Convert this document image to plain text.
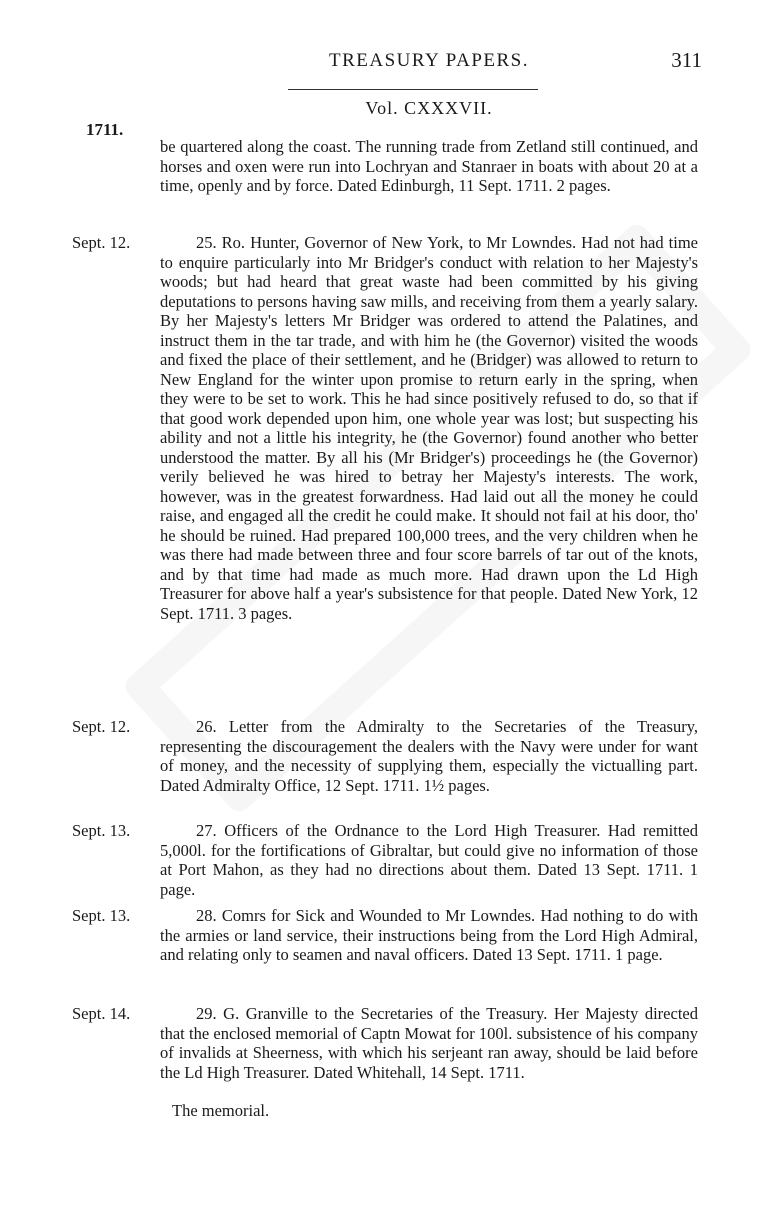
TREASURY PAPERS.	311
Vol. CXXXVII.
1711.
be quartered along the coast. The running trade from Zetland still continued, and horses and oxen were run into Lochryan and Stanraer in boats with about 20 at a time, openly and by force. Dated Edinburgh, 11 Sept. 1711. 2 pages.
Sept. 12.	25. Ro. Hunter, Governor of New York, to Mr Lowndes. Had not had time to enquire particularly into Mr Bridger's conduct with relation to her Majesty's woods; but had heard that great waste had been committed by his giving deputations to persons having saw mills, and receiving from them a yearly salary. By her Majesty's letters Mr Bridger was ordered to attend the Palatines, and instruct them in the tar trade, and with him he (the Governor) visited the woods and fixed the place of their settlement, and he (Bridger) was allowed to return to New England for the winter upon promise to return early in the spring, when they were to be set to work. This he had since positively refused to do, so that if that good work depended upon him, one whole year was lost; but suspecting his ability and not a little his integrity, he (the Governor) found another who better understood the matter. By all his (Mr Bridger's) proceedings he (the Governor) verily believed he was hired to betray her Majesty's interests. The work, however, was in the greatest forwardness. Had laid out all the money he could raise, and engaged all the credit he could make. It should not fail at his door, tho' he should be ruined. Had prepared 100,000 trees, and the very children when he was there had made between three and four score barrels of tar out of the knots, and by that time had made as much more. Had drawn upon the Ld High Treasurer for above half a year's subsistence for that people. Dated New York, 12 Sept. 1711. 3 pages.
Sept. 12.	26. Letter from the Admiralty to the Secretaries of the Treasury, representing the discouragement the dealers with the Navy were under for want of money, and the necessity of supplying them, especially the victualling part. Dated Admiralty Office, 12 Sept. 1711. 1½ pages.
Sept. 13.	27. Officers of the Ordnance to the Lord High Treasurer. Had remitted 5,000l. for the fortifications of Gibraltar, but could give no information of those at Port Mahon, as they had no directions about them. Dated 13 Sept. 1711. 1 page.
Sept. 13.	28. Comrs for Sick and Wounded to Mr Lowndes. Had nothing to do with the armies or land service, their instructions being from the Lord High Admiral, and relating only to seamen and naval officers. Dated 13 Sept. 1711. 1 page.
Sept. 14.	29. G. Granville to the Secretaries of the Treasury. Her Majesty directed that the enclosed memorial of Captn Mowat for 100l. subsistence of his company of invalids at Sheerness, with which his serjeant ran away, should be laid before the Ld High Treasurer. Dated Whitehall, 14 Sept. 1711.
The memorial.
